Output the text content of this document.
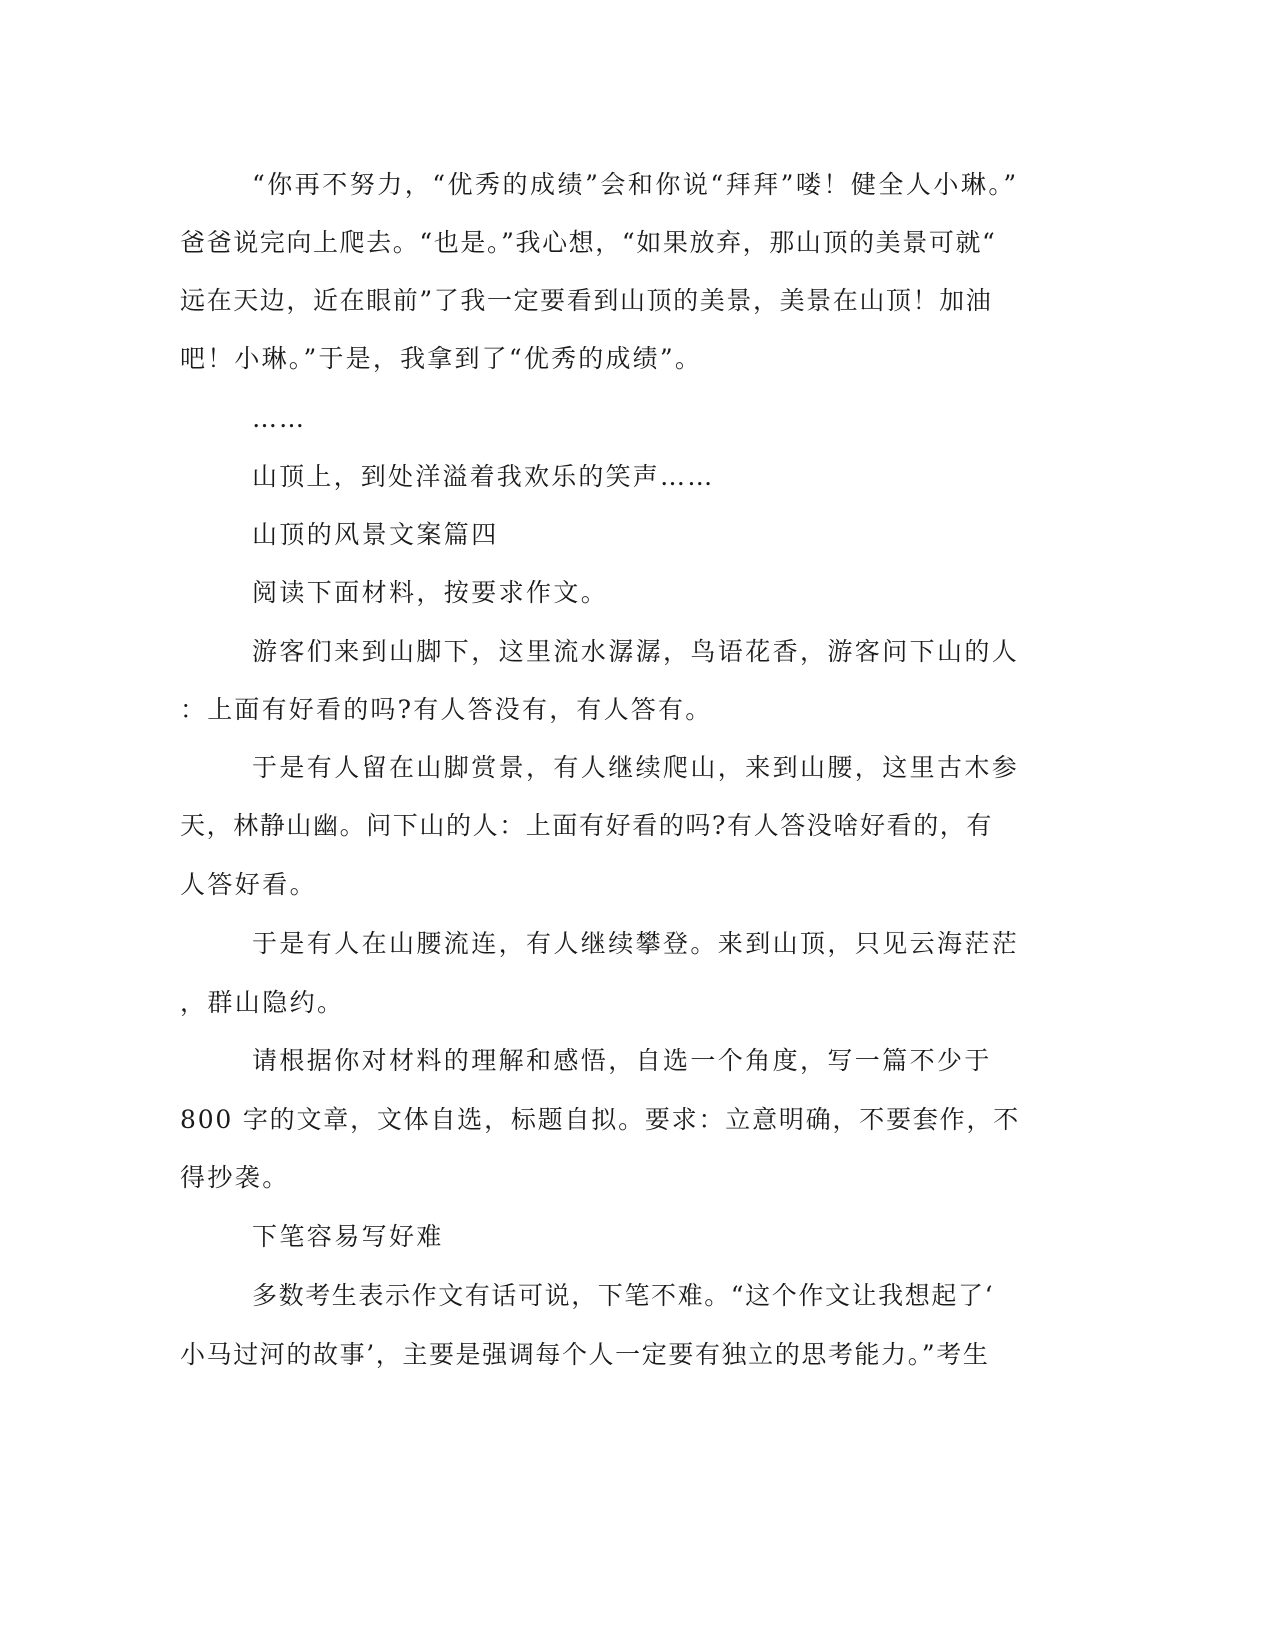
“你再不努力，“优秀的成绩”会和你说“拜拜”喽！健全人小琳。”
爸爸说完向上爬去。“也是。”我心想，“如果放弃，那山顶的美景可就“
远在天边，近在眼前”了我一定要看到山顶的美景，美景在山顶！加油
吧！小琳。”于是，我拿到了“优秀的成绩”。
……
山顶上，到处洋溢着我欢乐的笑声……
山顶的风景文案篇四
阅读下面材料，按要求作文。
游客们来到山脚下，这里流水潺潺，鸟语花香，游客问下山的人
：上面有好看的吗?有人答没有，有人答有。
于是有人留在山脚赏景，有人继续爬山，来到山腰，这里古木参
天，林静山幽。问下山的人：上面有好看的吗?有人答没啥好看的，有
人答好看。
于是有人在山腰流连，有人继续攀登。来到山顶，只见云海茫茫
，群山隐约。
请根据你对材料的理解和感悟，自选一个角度，写一篇不少于
800 字的文章，文体自选，标题自拟。要求：立意明确，不要套作，不
得抄袭。
下笔容易写好难
多数考生表示作文有话可说，下笔不难。“这个作文让我想起了‘
小马过河的故事’，主要是强调每个人一定要有独立的思考能力。”考生
